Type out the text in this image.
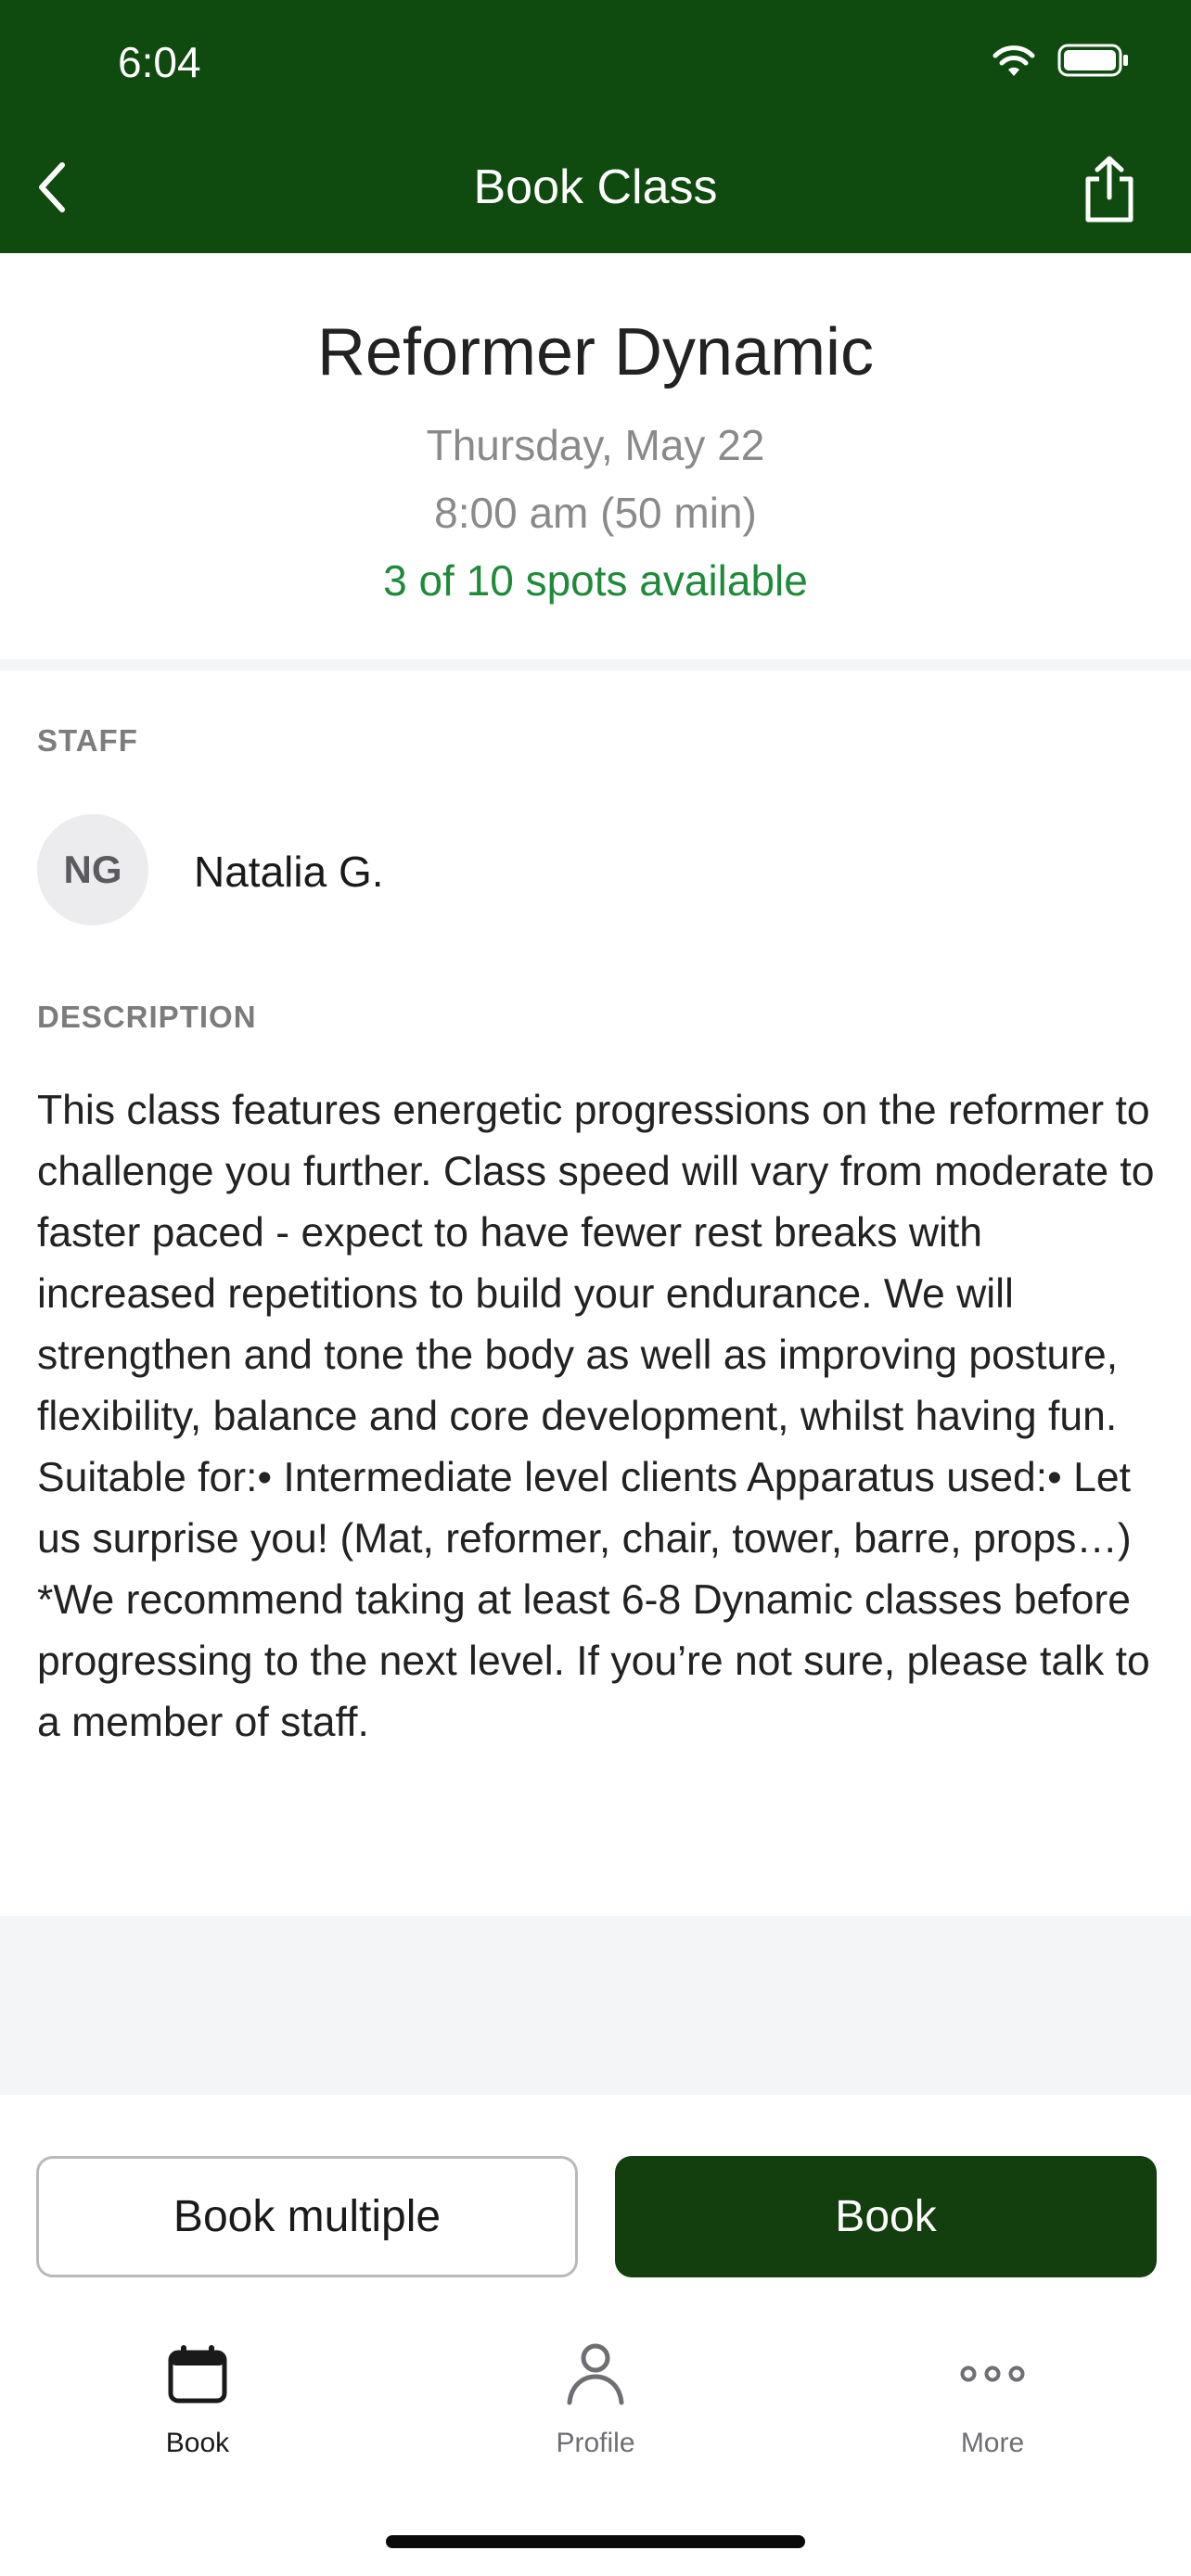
6:04
Book Class
Reformer Dynamic
Thursday, May 22
8:00 am (50 min)
3 of 10 spots available
STAFF
NG	Natalia G.
DESCRIPTION
This class features energetic progressions on the reformer to challenge you further. Class speed will vary from moderate to faster paced - expect to have fewer rest breaks with increased repetitions to build your endurance. We will strengthen and tone the body as well as improving posture, flexibility, balance and core development, whilst having fun. Suitable for:• Intermediate level clients Apparatus used:• Let us surprise you! (Mat, reformer, chair, tower, barre, props…) *We recommend taking at least 6-8 Dynamic classes before progressing to the next level. If you’re not sure, please talk to a member of staff.
Book multiple	Book
Book	Profile	More
